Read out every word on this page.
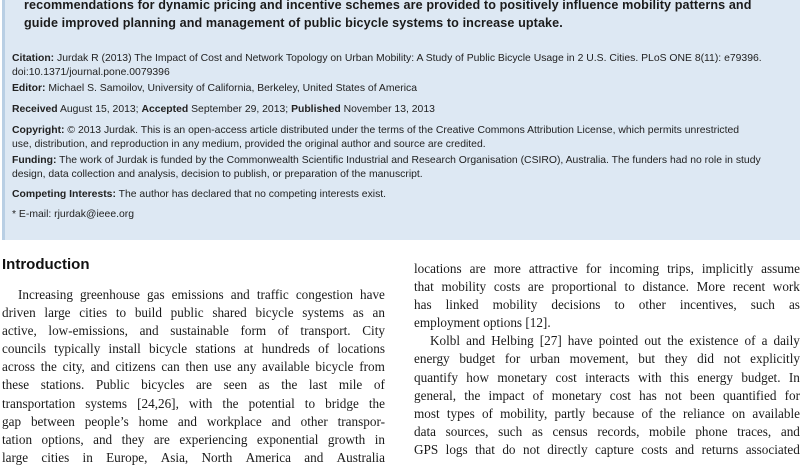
recommendations for dynamic pricing and incentive schemes are provided to positively influence mobility patterns and
guide improved planning and management of public bicycle systems to increase uptake.
Citation: Jurdak R (2013) The Impact of Cost and Network Topology on Urban Mobility: A Study of Public Bicycle Usage in 2 U.S. Cities. PLoS ONE 8(11): e79396.
doi:10.1371/journal.pone.0079396
Editor: Michael S. Samoilov, University of California, Berkeley, United States of America
Received August 15, 2013; Accepted September 29, 2013; Published November 13, 2013
Copyright: © 2013 Jurdak. This is an open-access article distributed under the terms of the Creative Commons Attribution License, which permits unrestricted
use, distribution, and reproduction in any medium, provided the original author and source are credited.
Funding: The work of Jurdak is funded by the Commonwealth Scientific Industrial and Research Organisation (CSIRO), Australia. The funders had no role in study
design, data collection and analysis, decision to publish, or preparation of the manuscript.
Competing Interests: The author has declared that no competing interests exist.
* E-mail: rjurdak@ieee.org
Introduction
Increasing greenhouse gas emissions and traffic congestion have
driven large cities to build public shared bicycle systems as an
active, low-emissions, and sustainable form of transport. City
councils typically install bicycle stations at hundreds of locations
across the city, and citizens can then use any available bicycle from
these stations. Public bicycles are seen as the last mile of
transportation systems [24,26], with the potential to bridge the
gap between people’s home and workplace and other transpor-
tation options, and they are experiencing exponential growth in
large cities in Europe, Asia, North America and Australia
locations are more attractive for incoming trips, implicitly assume
that mobility costs are proportional to distance. More recent work
has linked mobility decisions to other incentives, such as
employment options [12].
Kolbl and Helbing [27] have pointed out the existence of a daily
energy budget for urban movement, but they did not explicitly
quantify how monetary cost interacts with this energy budget. In
general, the impact of monetary cost has not been quantified for
most types of mobility, partly because of the reliance on available
data sources, such as census records, mobile phone traces, and
GPS logs that do not directly capture costs and returns associated
